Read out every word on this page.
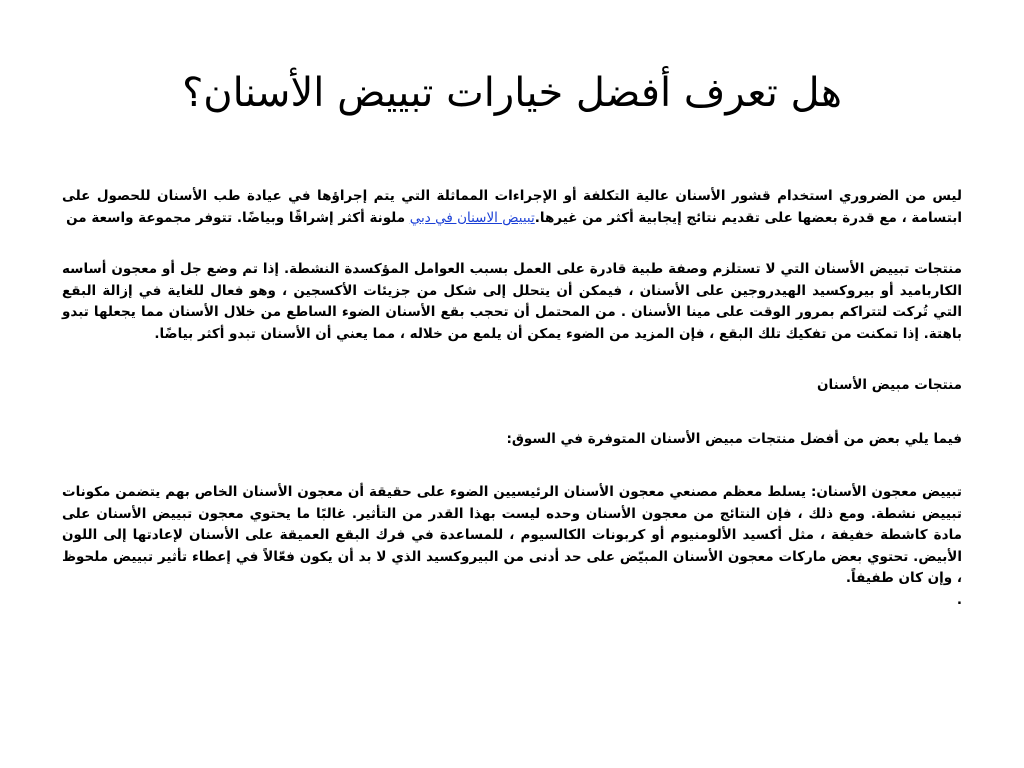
هل تعرف أفضل خيارات تبييض الأسنان؟

ليس من الضروري استخدام قشور الأسنان عالية التكلفة أو الإجراءات المماثلة التي يتم إجراؤها في عيادة طب الأسنان للحصول على ابتسامة ، مع قدرة بعضها على تقديم نتائج إيجابية أكثر من غيرها.تبييض الاسنان في دبي ملونة أكثر إشراقًا وبياضًا. تتوفر مجموعة واسعة من

منتجات تبييض الأسنان التي لا تستلزم وصفة طبية قادرة على العمل بسبب العوامل المؤكسدة النشطة. إذا تم وضع جل أو معجون أساسه الكارباميد أو بيروكسيد الهيدروجين على الأسنان ، فيمكن أن يتحلل إلى شكل من جزيئات الأكسجين ، وهو فعال للغاية في إزالة البقع التي تُركت لتتراكم بمرور الوقت على مينا الأسنان . من المحتمل أن تحجب بقع الأسنان الضوء الساطع من خلال الأسنان مما يجعلها تبدو باهتة. إذا تمكنت من تفكيك تلك البقع ، فإن المزيد من الضوء يمكن أن يلمع من خلاله ، مما يعني أن الأسنان تبدو أكثر بياضًا.

منتجات مبيض الأسنان

فيما يلي بعض من أفضل منتجات مبيض الأسنان المتوفرة في السوق:

تبييض معجون الأسنان: يسلط معظم مصنعي معجون الأسنان الرئيسيين الضوء على حقيقة أن معجون الأسنان الخاص بهم يتضمن مكونات تبييض نشطة. ومع ذلك ، فإن النتائج من معجون الأسنان وحده ليست بهذا القدر من التأثير. غالبًا ما يحتوي معجون تبييض الأسنان على مادة كاشطة خفيفة ، مثل أكسيد الألومنيوم أو كربونات الكالسيوم ، للمساعدة في فرك البقع العميقة على الأسنان لإعادتها إلى اللون الأبيض. تحتوي بعض ماركات معجون الأسنان المبيّض على حد أدنى من البيروكسيد الذي لا بد أن يكون فعّالاً في إعطاء تأثير تبييض ملحوظ ، وإن كان طفيفاً.

.
